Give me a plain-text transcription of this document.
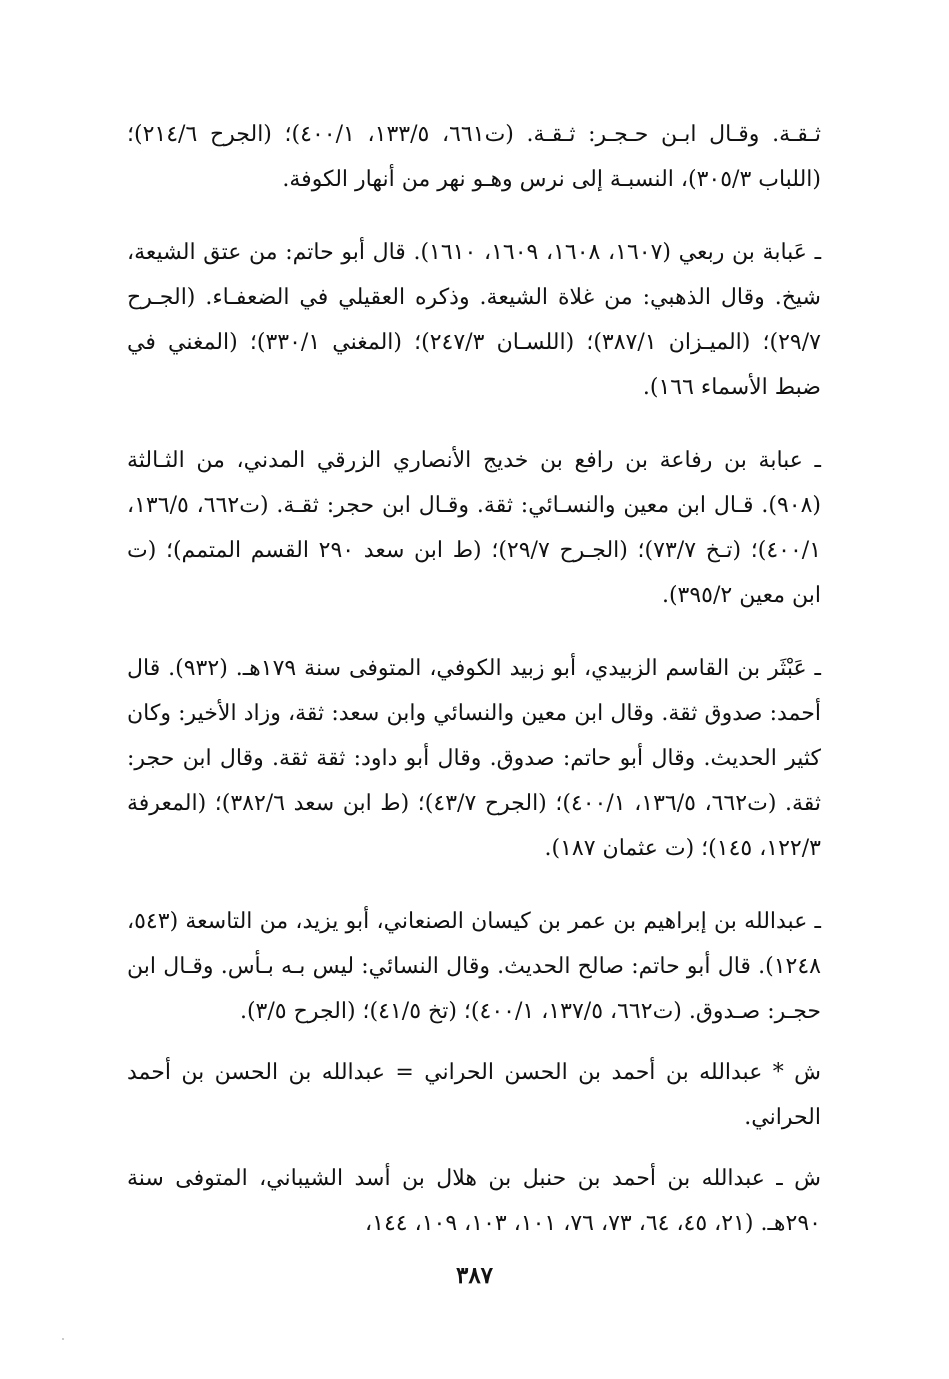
ثـقـة. وقـال ابـن حـجـر: ثـقـة. (ت٦٦١، ٥/‏١٣٣، ١/‏٤٠٠)؛ (الجرح ٦/‏٢١٤)؛ (اللباب ٣/‏٣٠٥)، النسبـة إلى نرس وهـو نهر من أنهار الكوفة.

ـ عَبابة بن ربعي (١٦٠٧، ١٦٠٨، ١٦٠٩، ١٦١٠). قال أبو حاتم: من عتق الشيعة، شيخ. وقال الذهبي: من غلاة الشيعة. وذكره العقيلي في الضعفـاء. (الجـرح ٧/‏٢٩)؛ (الميـزان ١/‏٣٨٧)؛ (اللسـان ٣/‏٢٤٧)؛ (المغني ١/‏٣٣٠)؛ (المغني في ضبط الأسماء ١٦٦).

ـ عبابة بن رفاعة بن رافع بن خديج الأنصاري الزرقي المدني، من الثـالثة (٩٠٨). قـال ابن معين والنسـائي: ثقة. وقـال ابن حجر: ثقـة. (ت٦٦٢، ٥/‏١٣٦، ١/‏٤٠٠)؛ (تـخ ٧/‏٧٣)؛ (الجـرح ٧/‏٢٩)؛ (ط ابن سعد ٢٩٠ القسم المتمم)؛ (ت ابن معين ٢/‏٣٩٥).

ـ عَبْثَر بن القاسم الزبيدي، أبو زبيد الكوفي، المتوفى سنة ١٧٩هـ. (٩٣٢). قال أحمد: صدوق ثقة. وقال ابن معين والنسائي وابن سعد: ثقة، وزاد الأخير: وكان كثير الحديث. وقال أبو حاتم: صدوق. وقال أبو داود: ثقة ثقة. وقال ابن حجر: ثقة. (ت٦٦٢، ٥/‏١٣٦، ١/‏٤٠٠)؛ (الجرح ٧/‏٤٣)؛ (ط ابن سعد ٦/‏٣٨٢)؛ (المعرفة ٣/‏١٢٢، ١٤٥)؛ (ت عثمان ١٨٧).

ـ عبدالله بن إبراهيم بن عمر بن كيسان الصنعاني، أبو يزيد، من التاسعة (٥٤٣، ١٢٤٨). قال أبو حاتم: صالح الحديث. وقال النسائي: ليس بـه بـأس. وقـال ابن حجـر: صـدوق. (ت٦٦٢، ٥/‏١٣٧، ١/‏٤٠٠)؛ (تخ ٥/‏٤١)؛ (الجرح ٥/‏٣).

ش * عبدالله بن أحمد بن الحسن الحراني = عبدالله بن الحسن بن أحمد الحراني.

ش ـ عبدالله بن أحمد بن حنبل بن هلال بن أسد الشيباني، المتوفى سنة ٢٩٠هـ. (٢١، ٤٥، ٦٤، ٧٣، ٧٦، ١٠١، ١٠٣، ١٠٩، ١٤٤،

٣٨٧
